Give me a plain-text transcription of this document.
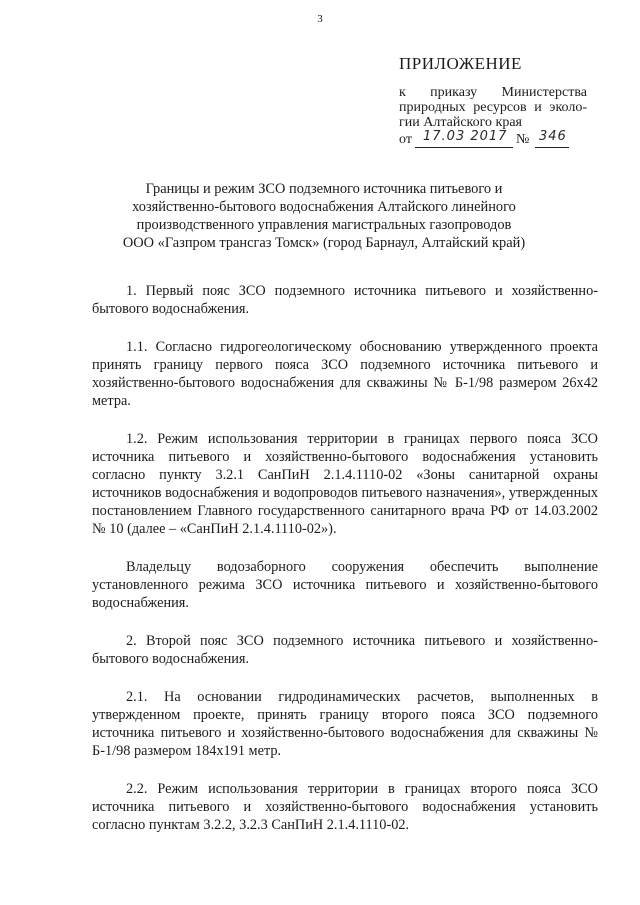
3
ПРИЛОЖЕНИЕ
к приказу Министерства
природных ресурсов и эколо-
гии Алтайского края
от 17.03 2017 № 346
Границы и режим ЗСО подземного источника питьевого и
хозяйственно-бытового водоснабжения Алтайского линейного
производственного управления магистральных газопроводов
ООО «Газпром трансгаз Томск» (город Барнаул, Алтайский край)

1. Первый пояс ЗСО подземного источника питьевого и хозяйственно-бытового водоснабжения.

1.1. Согласно гидрогеологическому обоснованию утвержденного проекта принять границу первого пояса ЗСО подземного источника питьевого и хозяйственно-бытового водоснабжения для скважины № Б-1/98 размером 26х42 метра.

1.2. Режим использования территории в границах первого пояса ЗСО источника питьевого и хозяйственно-бытового водоснабжения установить согласно пункту 3.2.1 СанПиН 2.1.4.1110-02 «Зоны санитарной охраны источников водоснабжения и водопроводов питьевого назначения», утвержденных постановлением Главного государственного санитарного врача РФ от 14.03.2002 № 10 (далее – «СанПиН 2.1.4.1110-02»).

Владельцу водозаборного сооружения обеспечить выполнение установленного режима ЗСО источника питьевого и хозяйственно-бытового водоснабжения.

2. Второй пояс ЗСО подземного источника питьевого и хозяйственно-бытового водоснабжения.

2.1. На основании гидродинамических расчетов, выполненных в утвержденном проекте, принять границу второго пояса ЗСО подземного источника питьевого и хозяйственно-бытового водоснабжения для скважины № Б-1/98 размером 184х191 метр.

2.2. Режим использования территории в границах второго пояса ЗСО источника питьевого и хозяйственно-бытового водоснабжения установить согласно пунктам 3.2.2, 3.2.3 СанПиН 2.1.4.1110-02.
